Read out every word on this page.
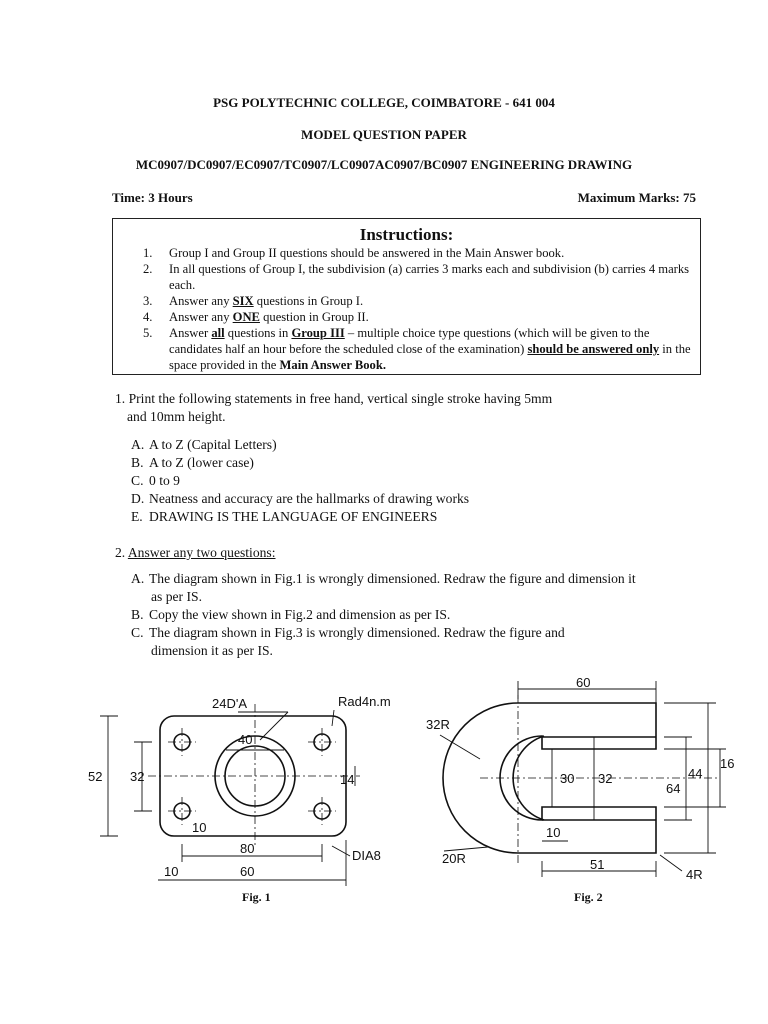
PSG POLYTECHNIC COLLEGE, COIMBATORE - 641 004
MODEL QUESTION PAPER
MC0907/DC0907/EC0907/TC0907/LC0907AC0907/BC0907 ENGINEERING DRAWING
Time: 3 Hours	Maximum Marks: 75
Instructions:
1. Group I and Group II questions should be answered in the Main Answer book.
2. In all questions of Group I, the subdivision (a) carries 3 marks each and subdivision (b) carries 4 marks each.
3. Answer any SIX questions in Group I.
4. Answer any ONE question in Group II.
5. Answer all questions in Group III – multiple choice type questions (which will be given to the candidates half an hour before the scheduled close of the examination) should be answered only in the space provided in the Main Answer Book.
1. Print the following statements in free hand, vertical single stroke having 5mm
and 10mm height.
A. A to Z (Capital Letters)
B. A to Z (lower case)
C. 0 to 9
D. Neatness and accuracy are the hallmarks of drawing works
E. DRAWING IS THE LANGUAGE OF ENGINEERS
2. Answer any two questions:
A. The diagram shown in Fig.1 is wrongly dimensioned. Redraw the figure and dimension it
as per IS.
B. Copy the view shown in Fig.2 and dimension as per IS.
C. The diagram shown in Fig.3 is wrongly dimensioned. Redraw the figure and
dimension it as per IS.
24D'A	Rad4n.m
40
52 32	14
10
80	DIA8
10	60
Fig. 1
60
32R
30 32
16
44
64
10
20R	51
4R
Fig. 2
